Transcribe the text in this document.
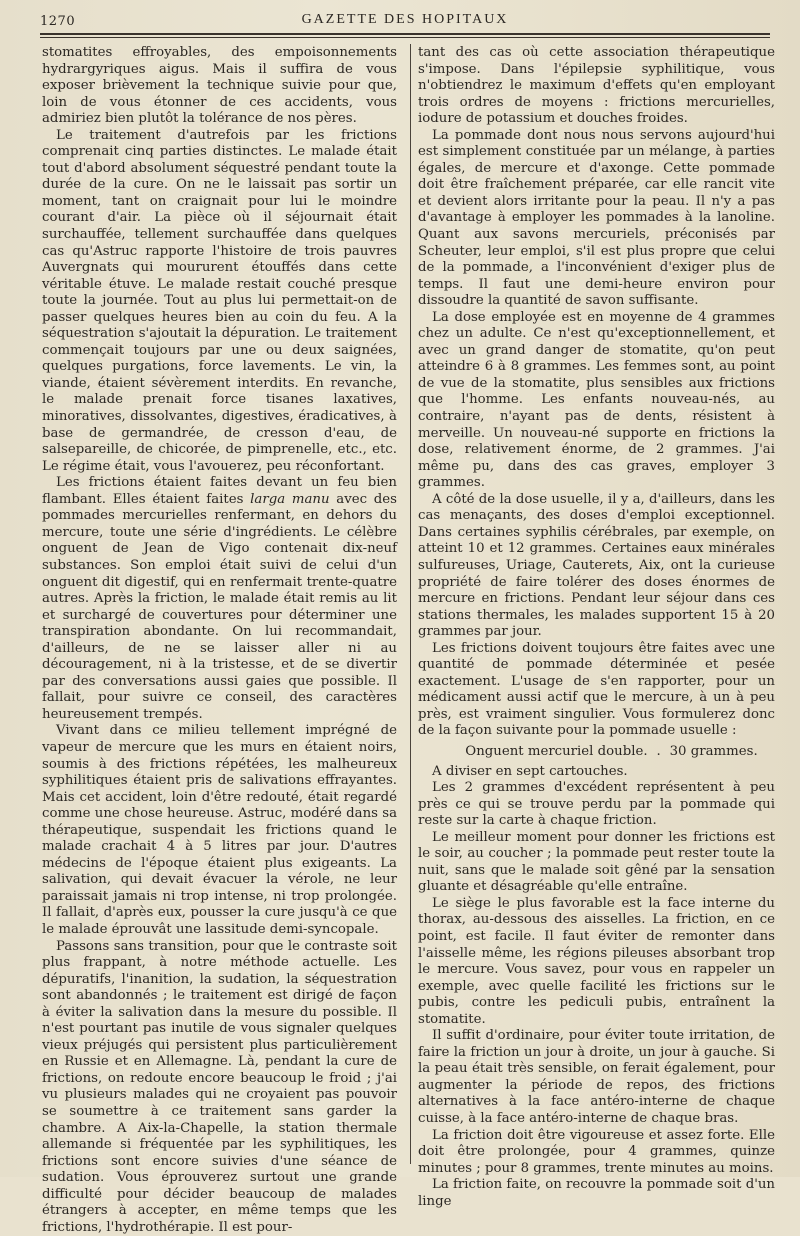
1270	GAZETTE DES HOPITAUX

stomatites effroyables, des empoisonnements hydrargyriques aigus. Mais il suffira de vous exposer brièvement la technique suivie pour que, loin de vous étonner de ces accidents, vous admiriez bien plutôt la tolérance de nos pères.

Le traitement d'autrefois par les frictions comprenait cinq parties distinctes. Le malade était tout d'abord absolument séquestré pendant toute la durée de la cure. On ne le laissait pas sortir un moment, tant on craignait pour lui le moindre courant d'air. La pièce où il séjournait était surchauffée, tellement surchauffée dans quelques cas qu'Astruc rapporte l'histoire de trois pauvres Auvergnats qui moururent étouffés dans cette véritable étuve. Le malade restait couché presque toute la journée. Tout au plus lui permettait-on de passer quelques heures bien au coin du feu. A la séquestration s'ajoutait la dépuration. Le traitement commençait toujours par une ou deux saignées, quelques purgations, force lavements. Le vin, la viande, étaient sévèrement interdits. En revanche, le malade prenait force tisanes laxatives, minoratives, dissolvantes, digestives, éradicatives, à base de germandrée, de cresson d'eau, de salsepareille, de chicorée, de pimprenelle, etc., etc. Le régime était, vous l'avouerez, peu réconfortant.

Les frictions étaient faites devant un feu bien flambant. Elles étaient faites larga manu avec des pommades mercurielles renfermant, en dehors du mercure, toute une série d'ingrédients. Le célèbre onguent de Jean de Vigo contenait dix-neuf substances. Son emploi était suivi de celui d'un onguent dit digestif, qui en renfermait trente-quatre autres. Après la friction, le malade était remis au lit et surchargé de couvertures pour déterminer une transpiration abondante. On lui recommandait, d'ailleurs, de ne se laisser aller ni au découragement, ni à la tristesse, et de se divertir par des conversations aussi gaies que possible. Il fallait, pour suivre ce conseil, des caractères heureusement trempés.

Vivant dans ce milieu tellement imprégné de vapeur de mercure que les murs en étaient noirs, soumis à des frictions répétées, les malheureux syphilitiques étaient pris de salivations effrayantes. Mais cet accident, loin d'être redouté, était regardé comme une chose heureuse. Astruc, modéré dans sa thérapeutique, suspendait les frictions quand le malade crachait 4 à 5 litres par jour. D'autres médecins de l'époque étaient plus exigeants. La salivation, qui devait évacuer la vérole, ne leur paraissait jamais ni trop intense, ni trop prolongée. Il fallait, d'après eux, pousser la cure jusqu'à ce que le malade éprouvât une lassitude demi-syncopale.

Passons sans transition, pour que le contraste soit plus frappant, à notre méthode actuelle. Les dépuratifs, l'inanition, la sudation, la séquestration sont abandonnés ; le traitement est dirigé de façon à éviter la salivation dans la mesure du possible. Il n'est pourtant pas inutile de vous signaler quelques vieux préjugés qui persistent plus particulièrement en Russie et en Allemagne. Là, pendant la cure de frictions, on redoute encore beaucoup le froid ; j'ai vu plusieurs malades qui ne croyaient pas pouvoir se soumettre à ce traitement sans garder la chambre. A Aix-la-Chapelle, la station thermale allemande si fréquentée par les syphilitiques, les frictions sont encore suivies d'une séance de sudation. Vous éprouverez surtout une grande difficulté pour décider beaucoup de malades étrangers à accepter, en même temps que les frictions, l'hydrothérapie. Il est pour-

tant des cas où cette association thérapeutique s'impose. Dans l'épilepsie syphilitique, vous n'obtiendrez le maximum d'effets qu'en employant trois ordres de moyens : frictions mercurielles, iodure de potassium et douches froides.

La pommade dont nous nous servons aujourd'hui est simplement constituée par un mélange, à parties égales, de mercure et d'axonge. Cette pommade doit être fraîchement préparée, car elle rancit vite et devient alors irritante pour la peau. Il n'y a pas d'avantage à employer les pommades à la lanoline. Quant aux savons mercuriels, préconisés par Scheuter, leur emploi, s'il est plus propre que celui de la pommade, a l'inconvénient d'exiger plus de temps. Il faut une demi-heure environ pour dissoudre la quantité de savon suffisante.

La dose employée est en moyenne de 4 grammes chez un adulte. Ce n'est qu'exceptionnellement, et avec un grand danger de stomatite, qu'on peut atteindre 6 à 8 grammes. Les femmes sont, au point de vue de la stomatite, plus sensibles aux frictions que l'homme. Les enfants nouveau-nés, au contraire, n'ayant pas de dents, résistent à merveille. Un nouveau-né supporte en frictions la dose, relativement énorme, de 2 grammes. J'ai même pu, dans des cas graves, employer 3 grammes.

A côté de la dose usuelle, il y a, d'ailleurs, dans les cas menaçants, des doses d'emploi exceptionnel. Dans certaines syphilis cérébrales, par exemple, on atteint 10 et 12 grammes. Certaines eaux minérales sulfureuses, Uriage, Cauterets, Aix, ont la curieuse propriété de faire tolérer des doses énormes de mercure en frictions. Pendant leur séjour dans ces stations thermales, les malades supportent 15 à 20 grammes par jour.

Les frictions doivent toujours être faites avec une quantité de pommade déterminée et pesée exactement. L'usage de s'en rapporter, pour un médicament aussi actif que le mercure, à un à peu près, est vraiment singulier. Vous formulerez donc de la façon suivante pour la pommade usuelle :

Onguent mercuriel double. . 30 grammes.

A diviser en sept cartouches.

Les 2 grammes d'excédent représentent à peu près ce qui se trouve perdu par la pommade qui reste sur la carte à chaque friction.

Le meilleur moment pour donner les frictions est le soir, au coucher ; la pommade peut rester toute la nuit, sans que le malade soit gêné par la sensation gluante et désagréable qu'elle entraîne.

Le siège le plus favorable est la face interne du thorax, au-dessous des aisselles. La friction, en ce point, est facile. Il faut éviter de remonter dans l'aisselle même, les régions pileuses absorbant trop le mercure. Vous savez, pour vous en rappeler un exemple, avec quelle facilité les frictions sur le pubis, contre les pediculi pubis, entraînent la stomatite.

Il suffit d'ordinaire, pour éviter toute irritation, de faire la friction un jour à droite, un jour à gauche. Si la peau était très sensible, on ferait également, pour augmenter la période de repos, des frictions alternatives à la face antéro-interne de chaque cuisse, à la face antéro-interne de chaque bras.

La friction doit être vigoureuse et assez forte. Elle doit être prolongée, pour 4 grammes, quinze minutes ; pour 8 grammes, trente minutes au moins.

La friction faite, on recouvre la pommade soit d'un linge
